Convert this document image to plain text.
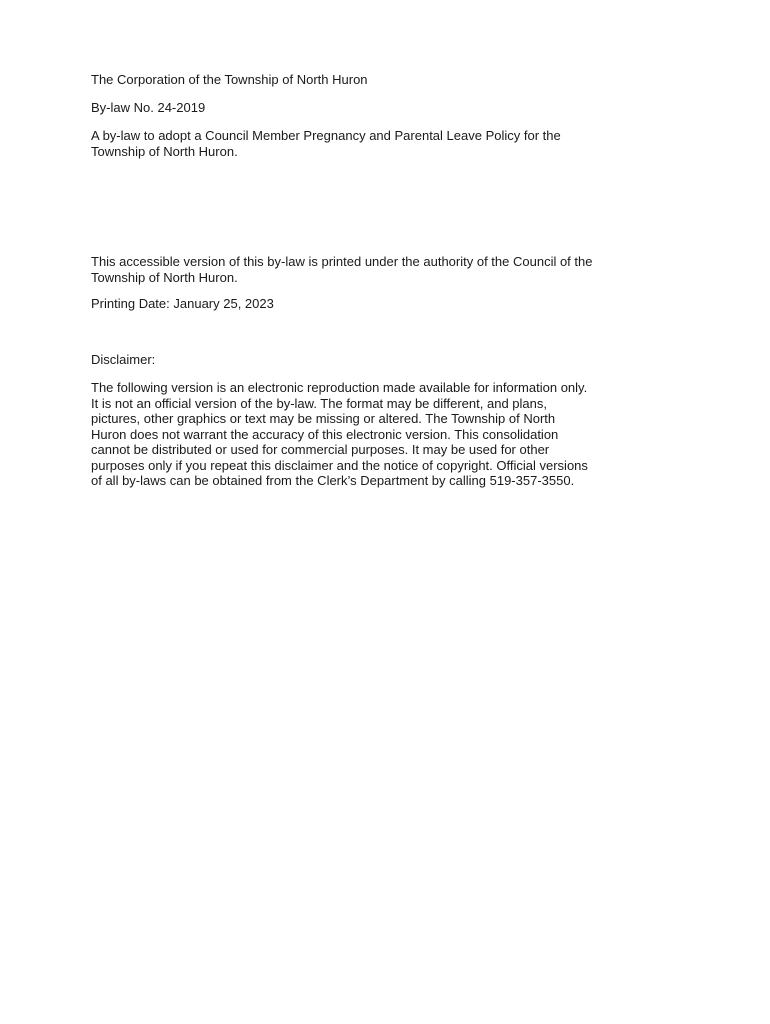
The Corporation of the Township of North Huron

By-law No. 24-2019

A by-law to adopt a Council Member Pregnancy and Parental Leave Policy for the
Township of North Huron.

This accessible version of this by-law is printed under the authority of the Council of the
Township of North Huron.

Printing Date: January 25, 2023

Disclaimer:

The following version is an electronic reproduction made available for information only.
It is not an official version of the by-law. The format may be different, and plans,
pictures, other graphics or text may be missing or altered. The Township of North
Huron does not warrant the accuracy of this electronic version. This consolidation
cannot be distributed or used for commercial purposes. It may be used for other
purposes only if you repeat this disclaimer and the notice of copyright. Official versions
of all by-laws can be obtained from the Clerk’s Department by calling 519-357-3550.
